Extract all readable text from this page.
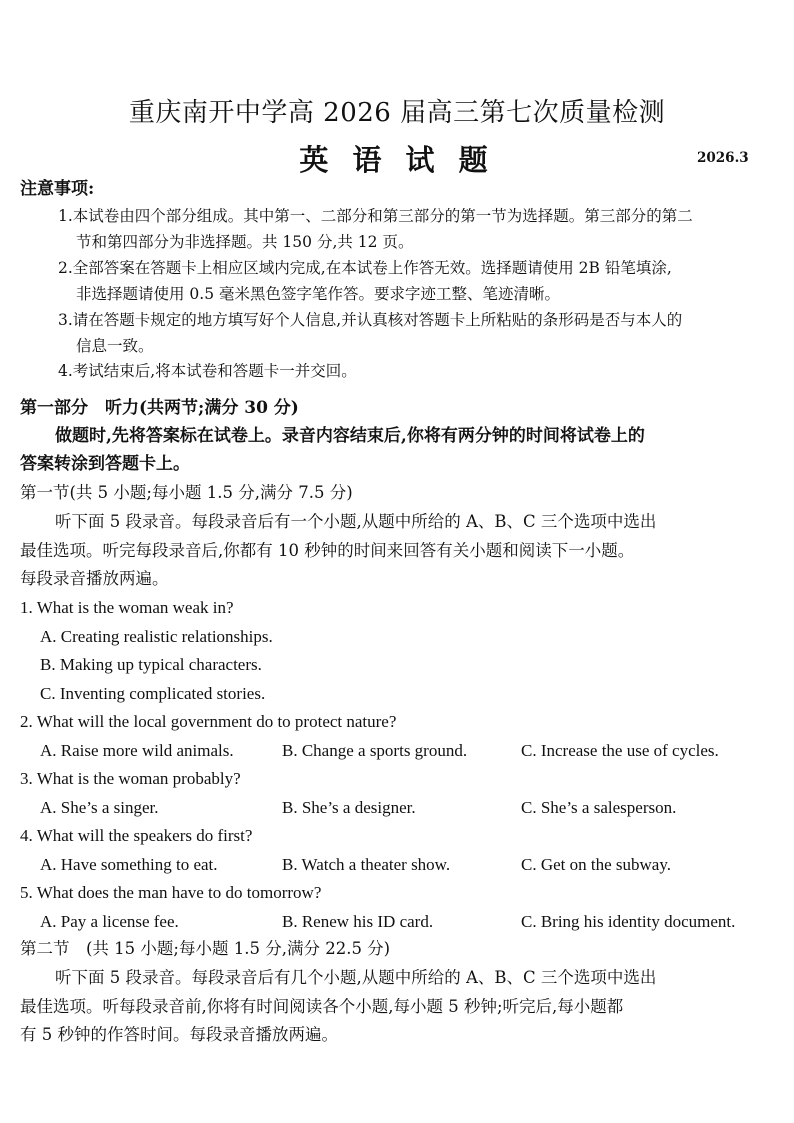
重庆南开中学高 2026 届高三第七次质量检测
英 语 试 题	2026.3
注意事项:
1.本试卷由四个部分组成。其中第一、二部分和第三部分的第一节为选择题。第三部分的第二
节和第四部分为非选择题。共 150 分,共 12 页。
2.全部答案在答题卡上相应区域内完成,在本试卷上作答无效。选择题请使用 2B 铅笔填涂,
非选择题请使用 0.5 毫米黑色签字笔作答。要求字迹工整、笔迹清晰。
3.请在答题卡规定的地方填写好个人信息,并认真核对答题卡上所粘贴的条形码是否与本人的
信息一致。
4.考试结束后,将本试卷和答题卡一并交回。
第一部分　听力(共两节;满分 30 分)
做题时,先将答案标在试卷上。录音内容结束后,你将有两分钟的时间将试卷上的
答案转涂到答题卡上。
第一节(共 5 小题;每小题 1.5 分,满分 7.5 分)
听下面 5 段录音。每段录音后有一个小题,从题中所给的 A、B、C 三个选项中选出
最佳选项。听完每段录音后,你都有 10 秒钟的时间来回答有关小题和阅读下一小题。
每段录音播放两遍。
1. What is the woman weak in?
A. Creating realistic relationships.
B. Making up typical characters.
C. Inventing complicated stories.
2. What will the local government do to protect nature?
A. Raise more wild animals.	B. Change a sports ground.	C. Increase the use of cycles.
3. What is the woman probably?
A. She’s a singer.	B. She’s a designer.	C. She’s a salesperson.
4. What will the speakers do first?
A. Have something to eat.	B. Watch a theater show.	C. Get on the subway.
5. What does the man have to do tomorrow?
A. Pay a license fee.	B. Renew his ID card.	C. Bring his identity document.
第二节　(共 15 小题;每小题 1.5 分,满分 22.5 分)
听下面 5 段录音。每段录音后有几个小题,从题中所给的 A、B、C 三个选项中选出
最佳选项。听每段录音前,你将有时间阅读各个小题,每小题 5 秒钟;听完后,每小题都
有 5 秒钟的作答时间。每段录音播放两遍。
